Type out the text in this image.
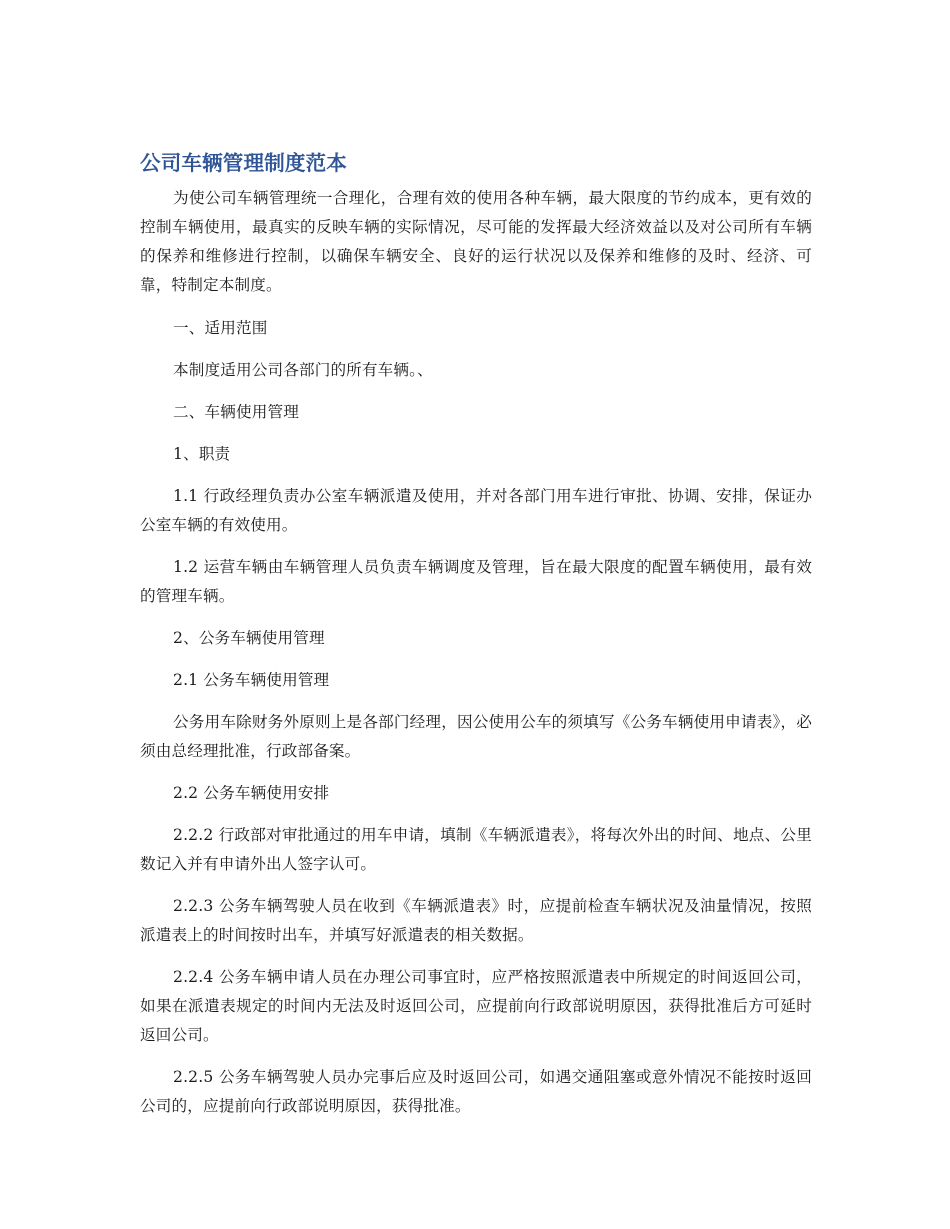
公司车辆管理制度范本

为使公司车辆管理统一合理化，合理有效的使用各种车辆，最大限度的节约成本，更有效的控制车辆使用，最真实的反映车辆的实际情况，尽可能的发挥最大经济效益以及对公司所有车辆的保养和维修进行控制，以确保车辆安全、良好的运行状况以及保养和维修的及时、经济、可靠，特制定本制度。

一、适用范围

本制度适用公司各部门的所有车辆。、

二、车辆使用管理

1、职责

1.1 行政经理负责办公室车辆派遣及使用，并对各部门用车进行审批、协调、安排，保证办公室车辆的有效使用。

1.2 运营车辆由车辆管理人员负责车辆调度及管理，旨在最大限度的配置车辆使用，最有效的管理车辆。

2、公务车辆使用管理

2.1 公务车辆使用管理

公务用车除财务外原则上是各部门经理，因公使用公车的须填写《公务车辆使用申请表》，必须由总经理批准，行政部备案。

2.2 公务车辆使用安排

2.2.2 行政部对审批通过的用车申请，填制《车辆派遣表》，将每次外出的时间、地点、公里数记入并有申请外出人签字认可。

2.2.3 公务车辆驾驶人员在收到《车辆派遣表》时，应提前检查车辆状况及油量情况，按照派遣表上的时间按时出车，并填写好派遣表的相关数据。

2.2.4 公务车辆申请人员在办理公司事宜时，应严格按照派遣表中所规定的时间返回公司，如果在派遣表规定的时间内无法及时返回公司，应提前向行政部说明原因，获得批准后方可延时返回公司。

2.2.5 公务车辆驾驶人员办完事后应及时返回公司，如遇交通阻塞或意外情况不能按时返回公司的，应提前向行政部说明原因，获得批准。
